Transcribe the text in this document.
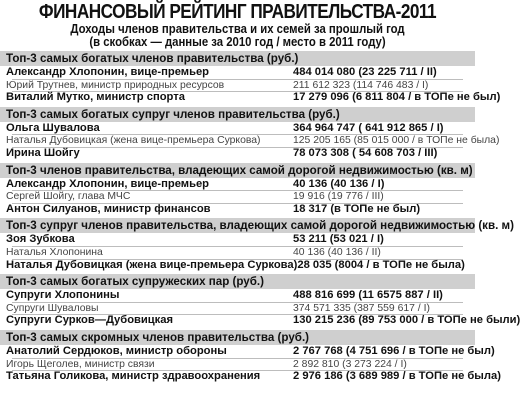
ФИНАНСОВЫЙ РЕЙТИНГ ПРАВИТЕЛЬСТВА-2011
Доходы членов правительства и их семей за прошлый год
(в скобках — данные за 2010 год / место в 2011 году)
Топ-3 самых богатых членов правительства (руб.)
Александр Хлопонин, вице-премьер	484 014 080 (23 225 711 / II)
Юрий Трутнев, министр природных ресурсов	211 612 323 (114 746 483 / I)
Виталий Мутко, министр спорта	17 279 096 (6 811 804 / в ТОПе не был)
Топ-3 самых богатых супруг членов правительства (руб.)
Ольга Шувалова	364 964 747 ( 641 912 865 / I)
Наталья Дубовицкая (жена вице-премьера Суркова)	125 205 165 (85 015 000 / в ТОПе не была)
Ирина Шойгу	78 073 308 ( 54 608 703 / III)
Топ-3 членов правительства, владеющих самой дорогой недвижимостью (кв. м)
Александр Хлопонин, вице-премьер	40 136 (40 136 / I)
Сергей Шойгу, глава МЧС	19 916 (19 776 / III)
Антон Силуанов, министр финансов	18 317 (в ТОПе не был)
Топ-3 супруг членов правительства, владеющих самой дорогой недвижимостью (кв. м)
Зоя Зубкова	53 211 (53 021 / I)
Наталья Хлопонина	40 136 (40 136 / II)
Наталья Дубовицкая (жена вице-премьера Суркова) 28 035 (8004 / в ТОПе не была)
Топ-3 самых богатых супружеских пар (руб.)
Супруги Хлопонины	488 816 699 (11 6575 887 / II)
Супруги Шуваловы	374 571 335 (387 559 617 / I)
Супруги Сурков—Дубовицкая	130 215 236 (89 753 000 / в ТОПе не были)
Топ-3 самых скромных членов правительства (руб.)
Анатолий Сердюков, министр обороны	2 767 768 (4 751 696 / в ТОПе не был)
Игорь Щеголев, министр связи	2 892 810 (3 273 224 / I)
Татьяна Голикова, министр здравоохранения	2 976 186 (3 689 989 / в ТОПе не была)
